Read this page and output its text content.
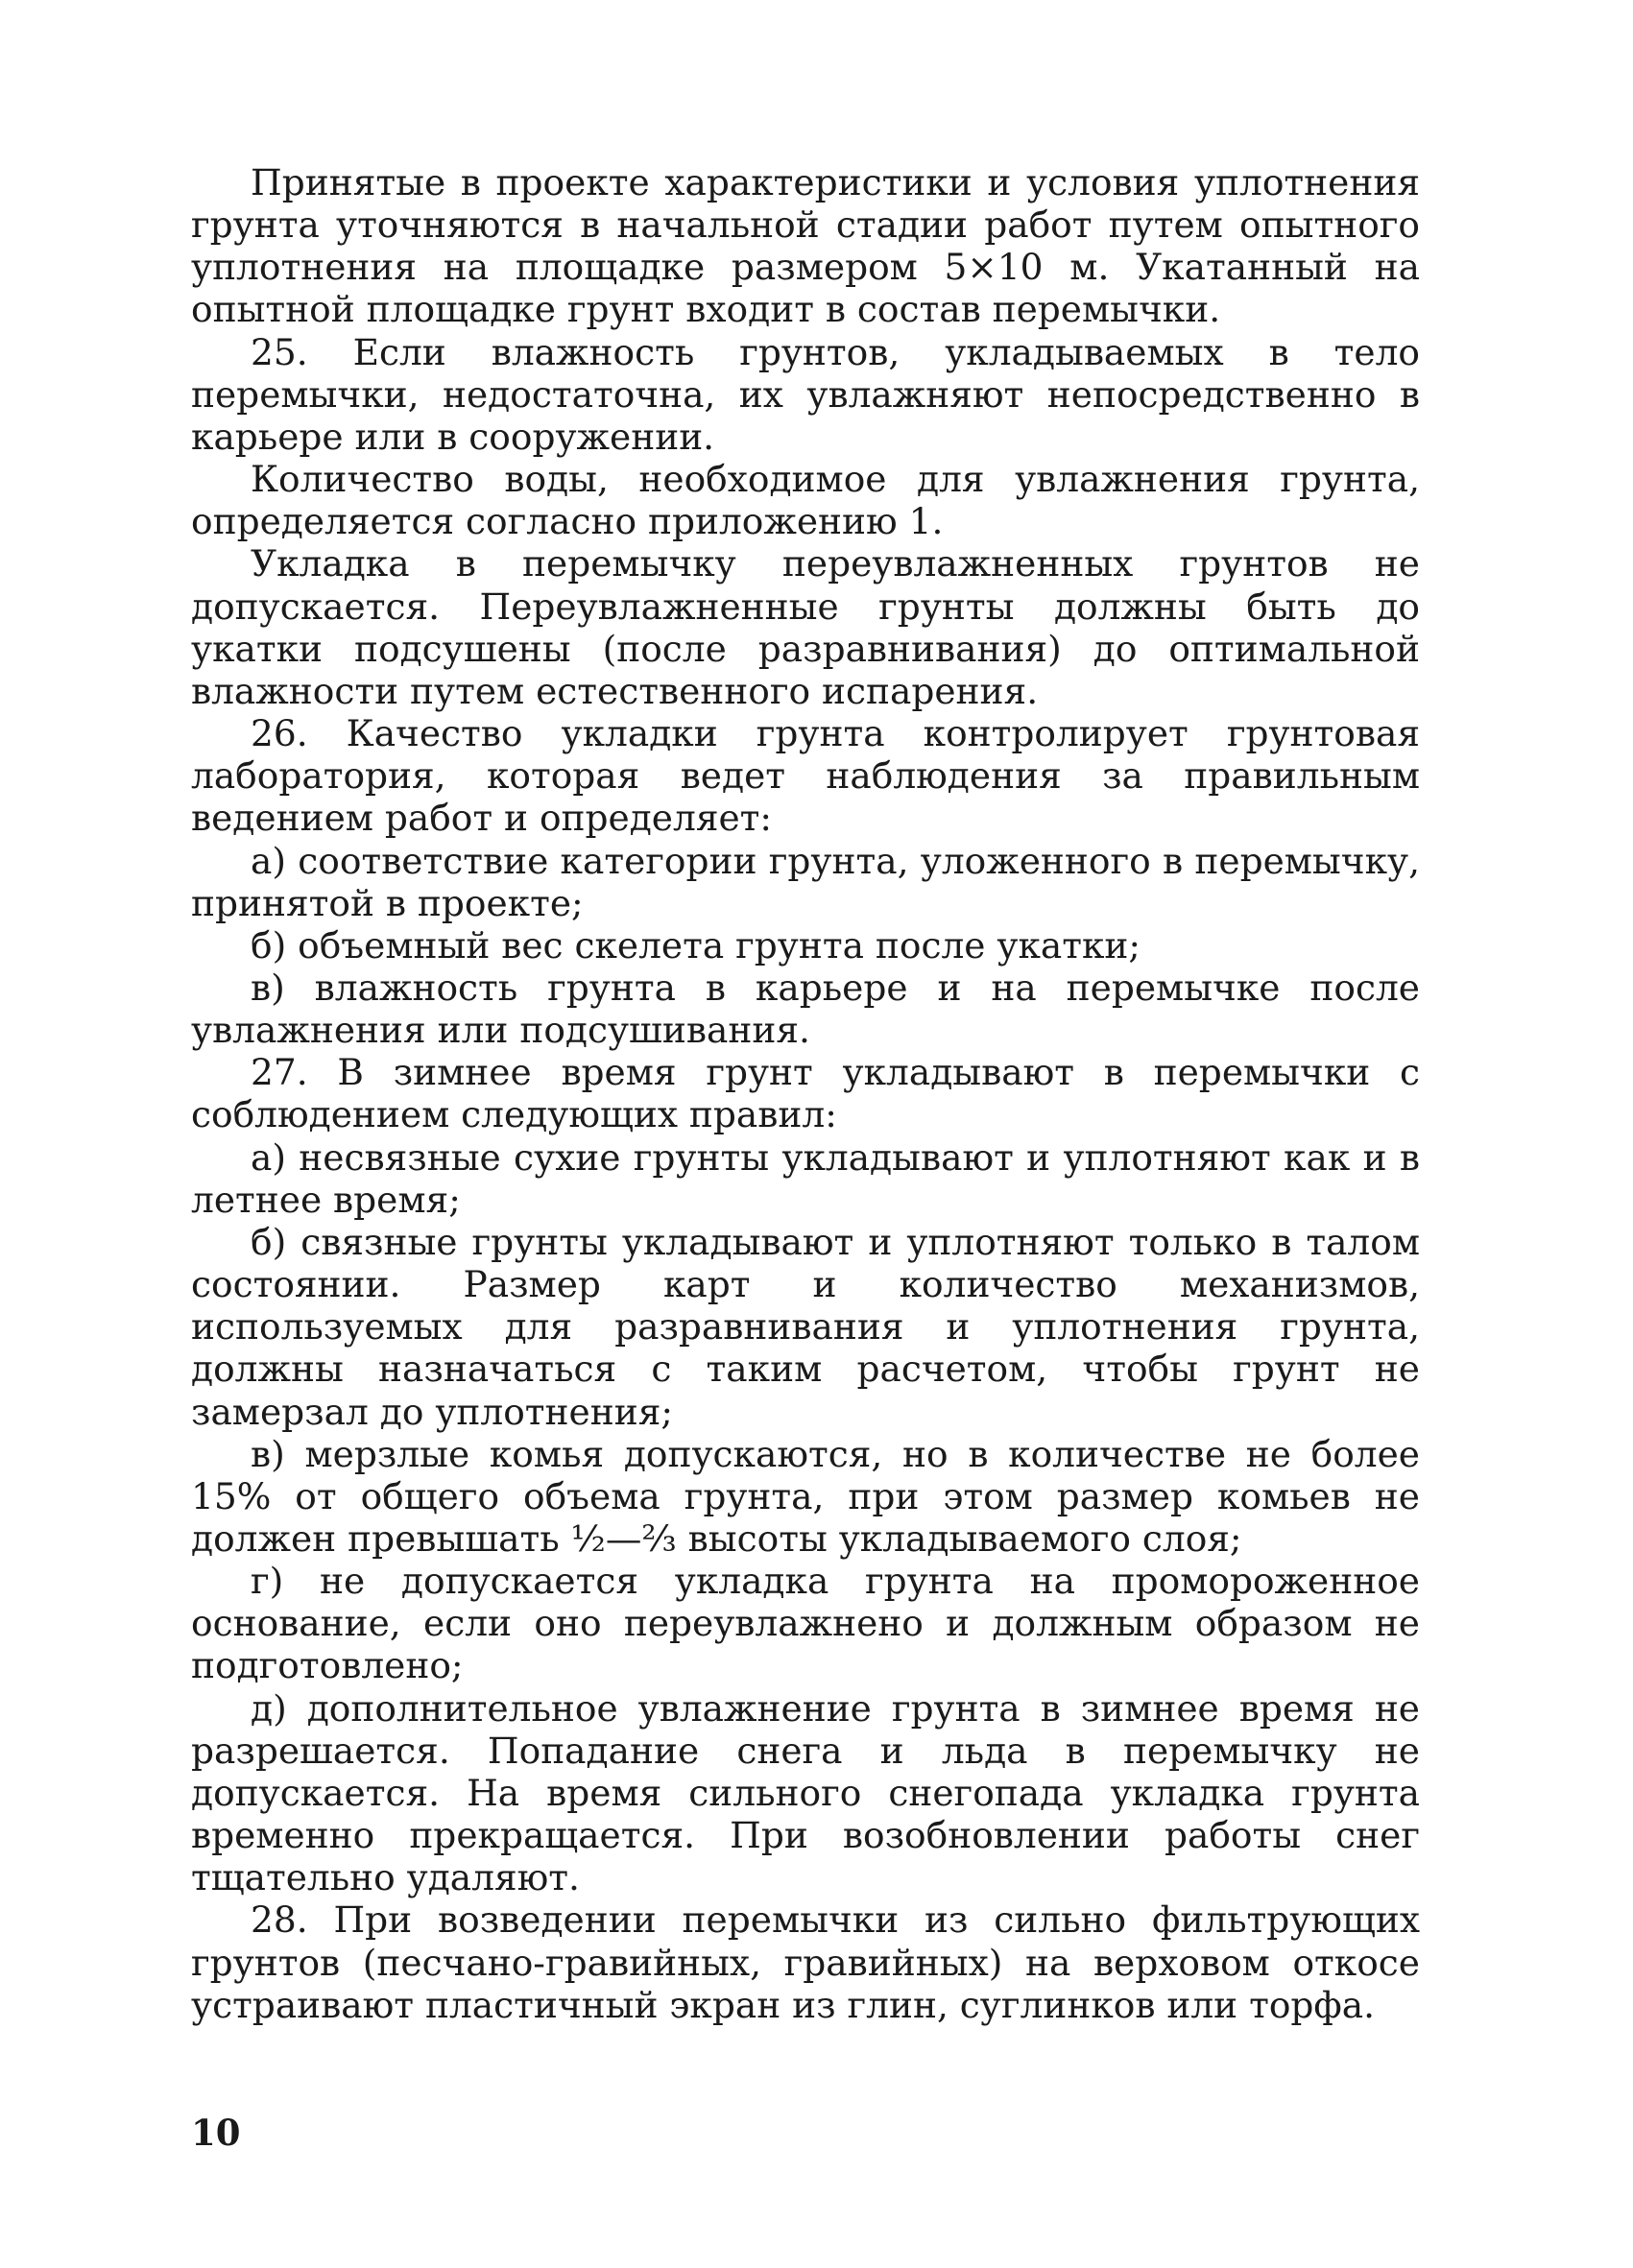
Принятые в проекте характеристики и условия уплотнения грунта уточняются в начальной стадии работ путем опытного уплотнения на площадке размером 5×10 м. Укатанный на опытной площадке грунт входит в состав перемычки.

25. Если влажность грунтов, укладываемых в тело перемычки, недостаточна, их увлажняют непосредственно в карьере или в сооружении.

Количество воды, необходимое для увлажнения грунта, определяется согласно приложению 1.

Укладка в перемычку переувлажненных грунтов не допускается. Переувлажненные грунты должны быть до укатки подсушены (после разравнивания) до оптимальной влажности путем естественного испарения.

26. Качество укладки грунта контролирует грунтовая лаборатория, которая ведет наблюдения за правильным ведением работ и определяет:

а) соответствие категории грунта, уложенного в перемычку, принятой в проекте;

б) объемный вес скелета грунта после укатки;

в) влажность грунта в карьере и на перемычке после увлажнения или подсушивания.

27. В зимнее время грунт укладывают в перемычки с соблюдением следующих правил:

а) несвязные сухие грунты укладывают и уплотняют как и в летнее время;

б) связные грунты укладывают и уплотняют только в талом состоянии. Размер карт и количество механизмов, используемых для разравнивания и уплотнения грунта, должны назначаться с таким расчетом, чтобы грунт не замерзал до уплотнения;

в) мерзлые комья допускаются, но в количестве не более 15% от общего объема грунта, при этом размер комьев не должен превышать ½—⅔ высоты укладываемого слоя;

г) не допускается укладка грунта на промороженное основание, если оно переувлажнено и должным образом не подготовлено;

д) дополнительное увлажнение грунта в зимнее время не разрешается. Попадание снега и льда в перемычку не допускается. На время сильного снегопада укладка грунта временно прекращается. При возобновлении работы снег тщательно удаляют.

28. При возведении перемычки из сильно фильтрующих грунтов (песчано-гравийных, гравийных) на верховом откосе устраивают пластичный экран из глин, суглинков или торфа.

10
